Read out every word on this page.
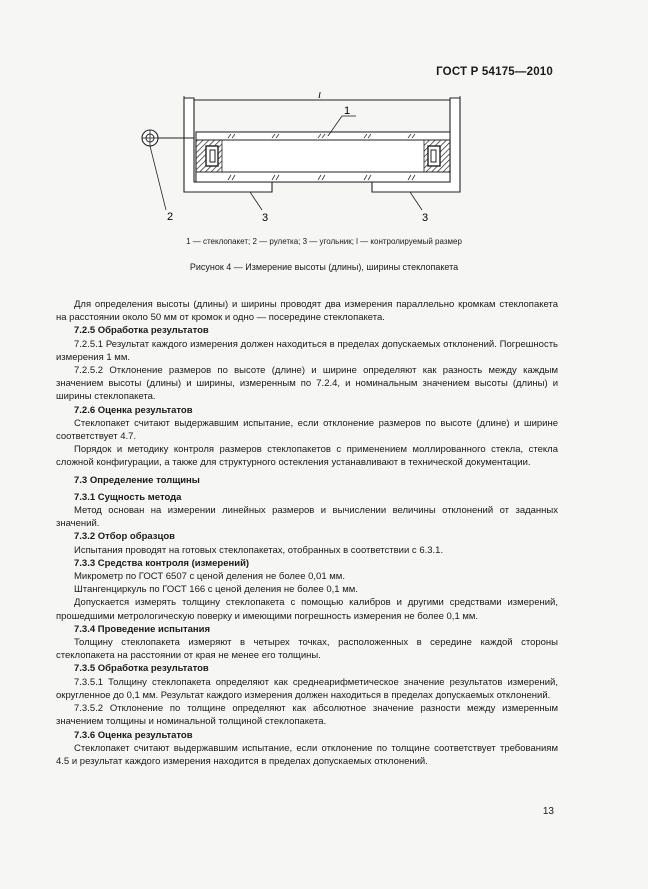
ГОСТ Р 54175—2010
l
2
1
3	3
1 — стеклопакет; 2 — рулетка; 3 — угольник; l — контролируемый размер
Рисунок 4 — Измерение высоты (длины), ширины стеклопакета

Для определения высоты (длины) и ширины проводят два измерения параллельно кромкам стеклопакета на расстоянии около 50 мм от кромок и одно — посередине стеклопакета.

7.2.5 Обработка результатов

7.2.5.1 Результат каждого измерения должен находиться в пределах допускаемых отклонений. Погрешность измерения 1 мм.

7.2.5.2 Отклонение размеров по высоте (длине) и ширине определяют как разность между каждым значением высоты (длины) и ширины, измеренным по 7.2.4, и номинальным значением высоты (длины) и ширины стеклопакета.

7.2.6 Оценка результатов

Стеклопакет считают выдержавшим испытание, если отклонение размеров по высоте (длине) и ширине соответствует 4.7.

Порядок и методику контроля размеров стеклопакетов с применением моллированного стекла, стекла сложной конфигурации, а также для структурного остекления устанавливают в технической документации.

7.3 Определение толщины

7.3.1 Сущность метода

Метод основан на измерении линейных размеров и вычислении величины отклонений от заданных значений.

7.3.2 Отбор образцов

Испытания проводят на готовых стеклопакетах, отобранных в соответствии с 6.3.1.

7.3.3 Средства контроля (измерений)

Микрометр по ГОСТ 6507 с ценой деления не более 0,01 мм.

Штангенциркуль по ГОСТ 166 с ценой деления не более 0,1 мм.

Допускается измерять толщину стеклопакета с помощью калибров и другими средствами измерений, прошедшими метрологическую поверку и имеющими погрешность измерения не более 0,1 мм.

7.3.4 Проведение испытания

Толщину стеклопакета измеряют в четырех точках, расположенных в середине каждой стороны стеклопакета на расстоянии от края не менее его толщины.

7.3.5 Обработка результатов

7.3.5.1 Толщину стеклопакета определяют как среднеарифметическое значение результатов измерений, округленное до 0,1 мм. Результат каждого измерения должен находиться в пределах допускаемых отклонений.

7.3.5.2 Отклонение по толщине определяют как абсолютное значение разности между измеренным значением толщины и номинальной толщиной стеклопакета.

7.3.6 Оценка результатов

Стеклопакет считают выдержавшим испытание, если отклонение по толщине соответствует требованиям 4.5 и результат каждого измерения находится в пределах допускаемых отклонений.

13
